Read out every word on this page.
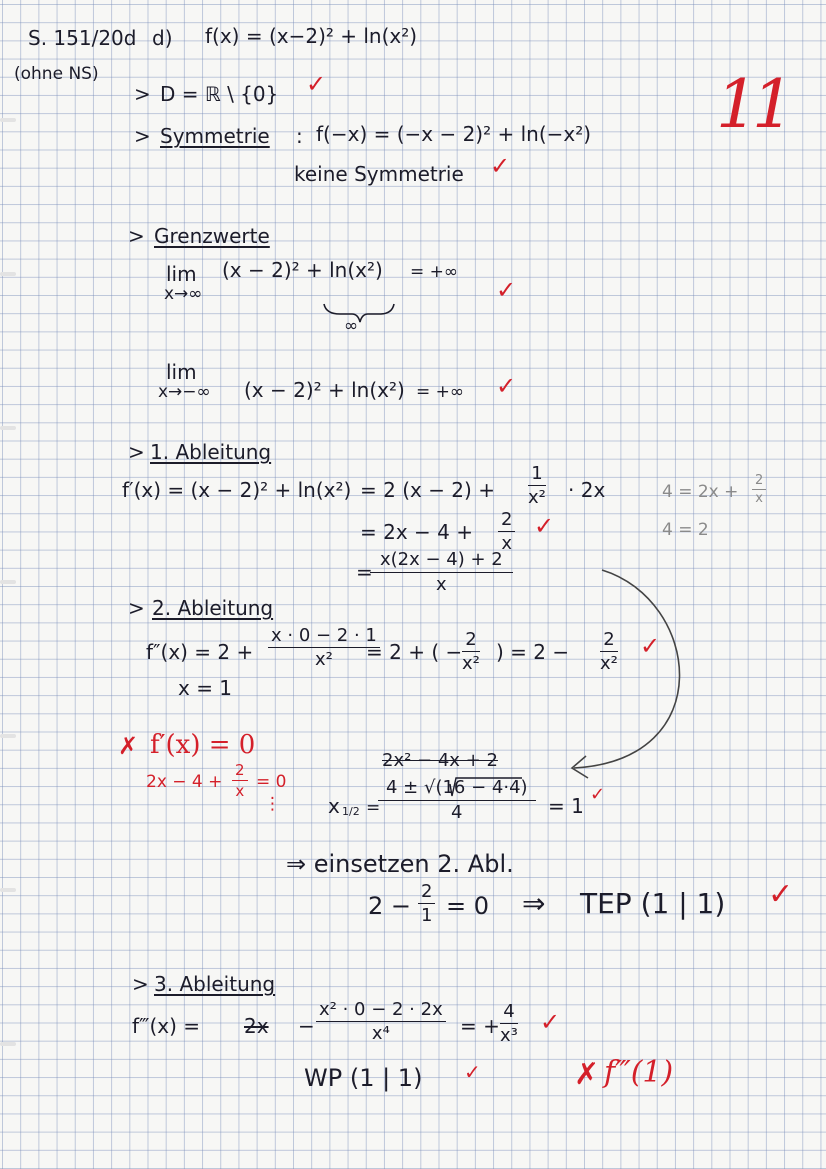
S. 151/20d d) f(x) = (x−2)² + ln(x²)
(ohne NS)	11
> D = ℝ \ {0} ✓
> Symmetrie : f(−x) = (−x − 2)² + ln(−x²)
keine Symmetrie ✓
> Grenzwerte
lim
x→∞
(x − 2)² + ln(x²) = +∞
∞
✓
lim
x→−∞ (x − 2)² + ln(x²) = +∞ ✓
> 1. Ableitung
f′(x) = (x − 2)² + ln(x²) = 2 $(x - 2) + \frac{1}{\text{x²}} \cdot 2x$
= $2x - 4 + \frac{2}{x}$ ✓
=
$\frac{x(2x - 4) + 2}{x}$
$4 = 2x + \frac{2}{x}$
4 = 2
> 2. Ableitung
$f''(x) = 2 + \frac{x \cdot 0 - 2 \cdot 1}{\text{x²}}$
= 2 + ( − $\frac{2}{\text{x²}}$ ) = $2 - \frac{2}{\text{x²}}$ ✓
x = 1
✗ f′(x) = 0
$2x - 4 + \frac{2}{x} = 0$
⋮
2x² − 4x + 2
x 1/2 =
$\frac{4 \pm √(16 - 4\cdot 4)}{4} = 1$ ✓
⇒ einsetzen 2. Abl.
$2 - \frac{2}{1} = 0$ ⇒ TEP (1 | 1) ✓
> 3. Ableitung
f‴(x) = $2x - \frac{\text{x² · 0 − 2 · 2x}}{\text{x⁴}}$ = + $\frac{4}{\text{x³}}$ ✓
WP (1 | 1) ✓	✗ f‴(1)
